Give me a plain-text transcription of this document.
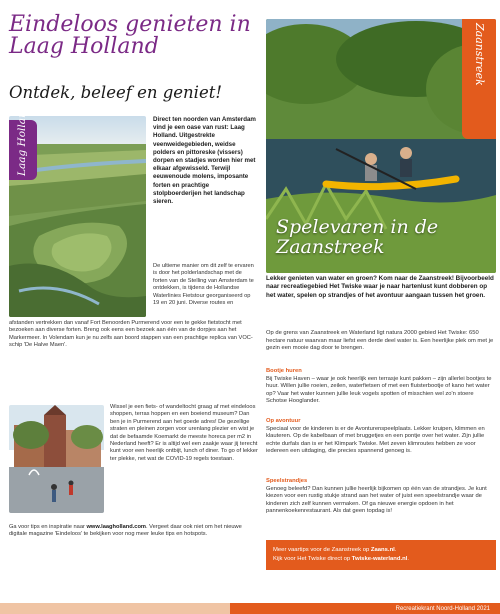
Eindeloos genieten in Laag Holland
Ontdek, beleef en geniet!
Laag Holland	Direct ten noorden van Amsterdam vind je een oase van rust: Laag Holland. Uitgestrekte veenweidegebieden, weidse polders en pittoreske (vissers) dorpen en stadjes worden hier met elkaar afgewisseld. Terwijl eeuwenoude molens, imposante forten en prachtige stolpboerderijen het landschap sieren.
De ultieme manier om dit zelf te ervaren is door het polderlandschap met de forten van de Stelling van Amsterdam te ontdekken, is tijdens de Hollandse Waterlinies Fietstour georganiseerd op 19 en 20 juni. Diverse routes en
afstanden vertrekken dan vanaf Fort Benoorden Purmerend voor een te gekke fietstocht met bezoeken aan diverse forten. Breng ook eens een bezoek aan één van de dorpjes aan het Markermeer. In Volendam kun je nu zelfs aan boord stappen van een prachtige replica van VOC-schip 'De Halve Maen'.
Wissel je een fiets- of wandeltocht graag af met eindeloos shoppen, terras hoppen en een boeiend museum? Dan ben je in Purmerend aan het goede adres! De gezellige straten en pleinen zorgen voor urenlang plezier en wist je dat de befaamde Koemarkt de meeste horeca per m2 in Nederland heeft? Er is altijd wel een zaakje waar jij terecht kunt voor een heerlijk ontbijt, lunch of diner. To go of lekker ter plekke, net wat de COVID-19 regels toestaan.
Ga voor tips en inspiratie naar www.laagholland.com. Vergeet daar ook niet om het nieuwe digitale magazine 'Eindeloos' te bekijken voor nog meer leuke tips en hotspots.
Zaanstreek
Spelevaren in de
Zaanstreek
Lekker genieten van water en groen? Kom naar de Zaanstreek! Bijvoorbeeld naar recreatiegebied Het Twiske waar je naar hartenlust kunt dobberen op het water, spelen op strandjes of het avontuur aangaan tussen het groen.
Op de grens van Zaanstreek en Waterland ligt natura 2000 gebied Het Twiske: 650 hectare natuur waarvan maar liefst een derde deel water is. Een heerlijke plek om met je gezin een mooie dag door te brengen.
Bootje huren
Bij Twiske Haven – waar je ook heerlijk een terrasje kunt pakken – zijn allerlei bootjes te huur. Willen jullie roeien, zeilen, waterfietsen of met een fluisterbootje of kano het water op? Vaar het water kunnen jullie leuk vogels spotten of misschien wel zo'n stoere Schotse Hooglander.
Op avontuur
Speciaal voor de kinderen is er de Avonturenspeelplaats. Lekker kruipen, klimmen en klauteren. Op de kabelbaan of met bruggetjes en een pontje over het water. Zijn jullie echte durfals dan is er het Klimpark Twiske. Met zeven klimroutes hebben ze voor iedereen een uitdaging, die precies spannend genoeg is.
Speelstrandjes
Genoeg beleefd? Dan kunnen jullie heerlijk bijkomen op één van de strandjes. Je kunt kiezen voor een rustig stukje strand aan het water of juist een speelstrandje waar de kinderen zich zelf kunnen vermaken. Of ga nieuwe energie opdoen in het pannenkoekenrestaurant. Als dat geen topdag is!
Meer vaartips voor de Zaanstreek op Zaans.nl.
Kijk voor Het Twiske direct op Twiske-waterland.nl.
Recreatiekrant Noord-Holland 2021
